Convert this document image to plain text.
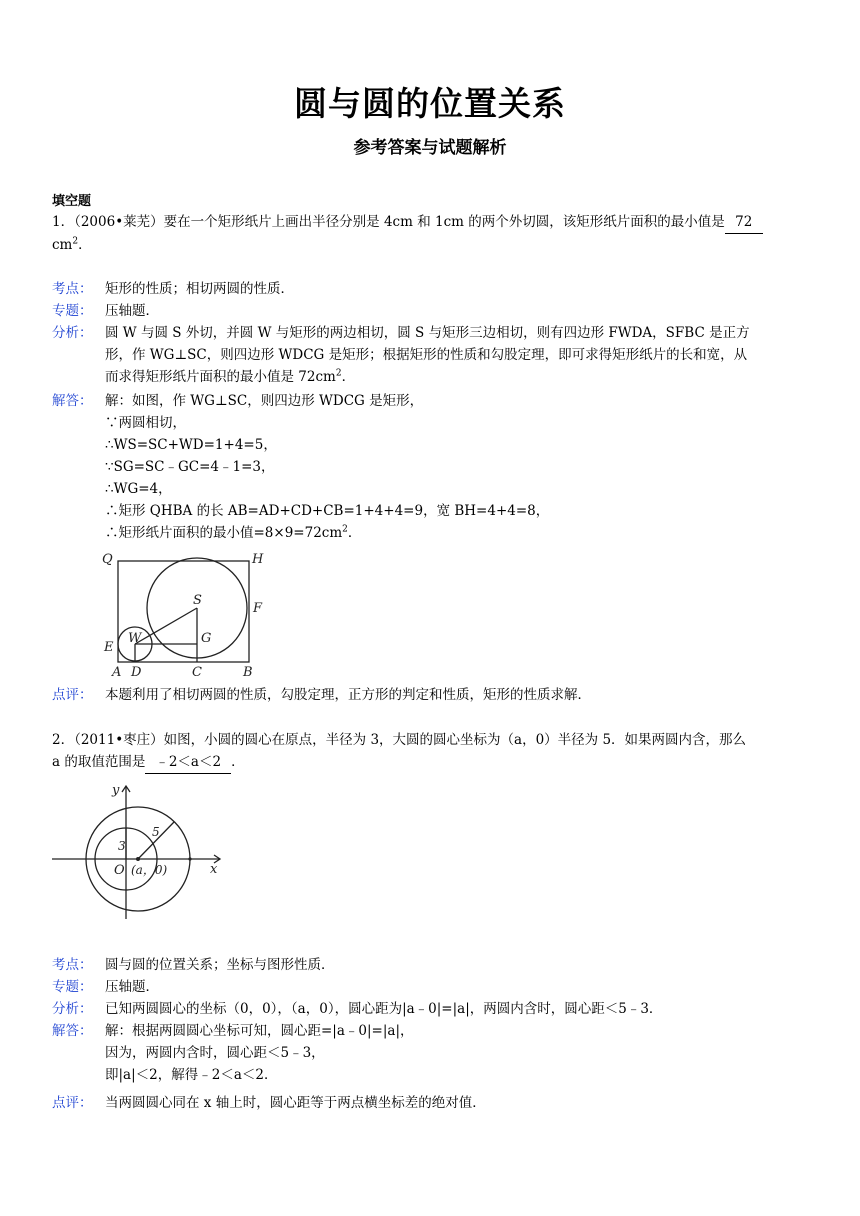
圆与圆的位置关系
参考答案与试题解析
填空题
1．（2006•莱芜）要在一个矩形纸片上画出半径分别是 4cm 和 1cm 的两个外切圆，该矩形纸片面积的最小值是 72
$cm^2$．
考点： 矩形的性质；相切两圆的性质．
专题： 压轴题．
分析： 圆 W 与圆 S 外切，并圆 W 与矩形的两边相切，圆 S 与矩形三边相切，则有四边形 FWDA，SFBC 是正方
形，作 WG⊥SC，则四边形 WDCG 是矩形；根据矩形的性质和勾股定理，即可求得矩形纸片的长和宽，从
而求得矩形纸片面积的最小值是 $72cm^2$．
解答： 解：如图，作 WG⊥SC，则四边形 WDCG 是矩形，
∵两圆相切，
∴WS=SC+WD=1+4=5，
∵SG=SC﹣GC=4﹣1=3，
∴WG=4，
∴矩形 QHBA 的长 AB=AD+CD+CB=1+4+4=9，宽 BH=4+4=8，
∴矩形纸片面积的最小值$=8\times 9=72cm^2$．
Q	H
S
F
W	G
E
A D	C	B
点评： 本题利用了相切两圆的性质，勾股定理，正方形的判定和性质，矩形的性质求解．
2．（2011•枣庄）如图，小圆的圆心在原点，半径为 3，大圆的圆心坐标为（a，0）半径为 5．如果两圆内含，那么
a 的取值范围是 ﹣2＜a＜2 ．
y
x
O (a，0)
5
3
考点： 圆与圆的位置关系；坐标与图形性质．
专题： 压轴题．
分析： 已知两圆圆心的坐标（0，0），（a，0），圆心距为|a﹣0|=|a|，两圆内含时，圆心距＜5﹣3．
解答： 解：根据两圆圆心坐标可知，圆心距=|a﹣0|=|a|，
因为，两圆内含时，圆心距＜5﹣3，
即|a|＜2，解得﹣2＜a＜2．
点评： 当两圆圆心同在 x 轴上时，圆心距等于两点横坐标差的绝对值．
